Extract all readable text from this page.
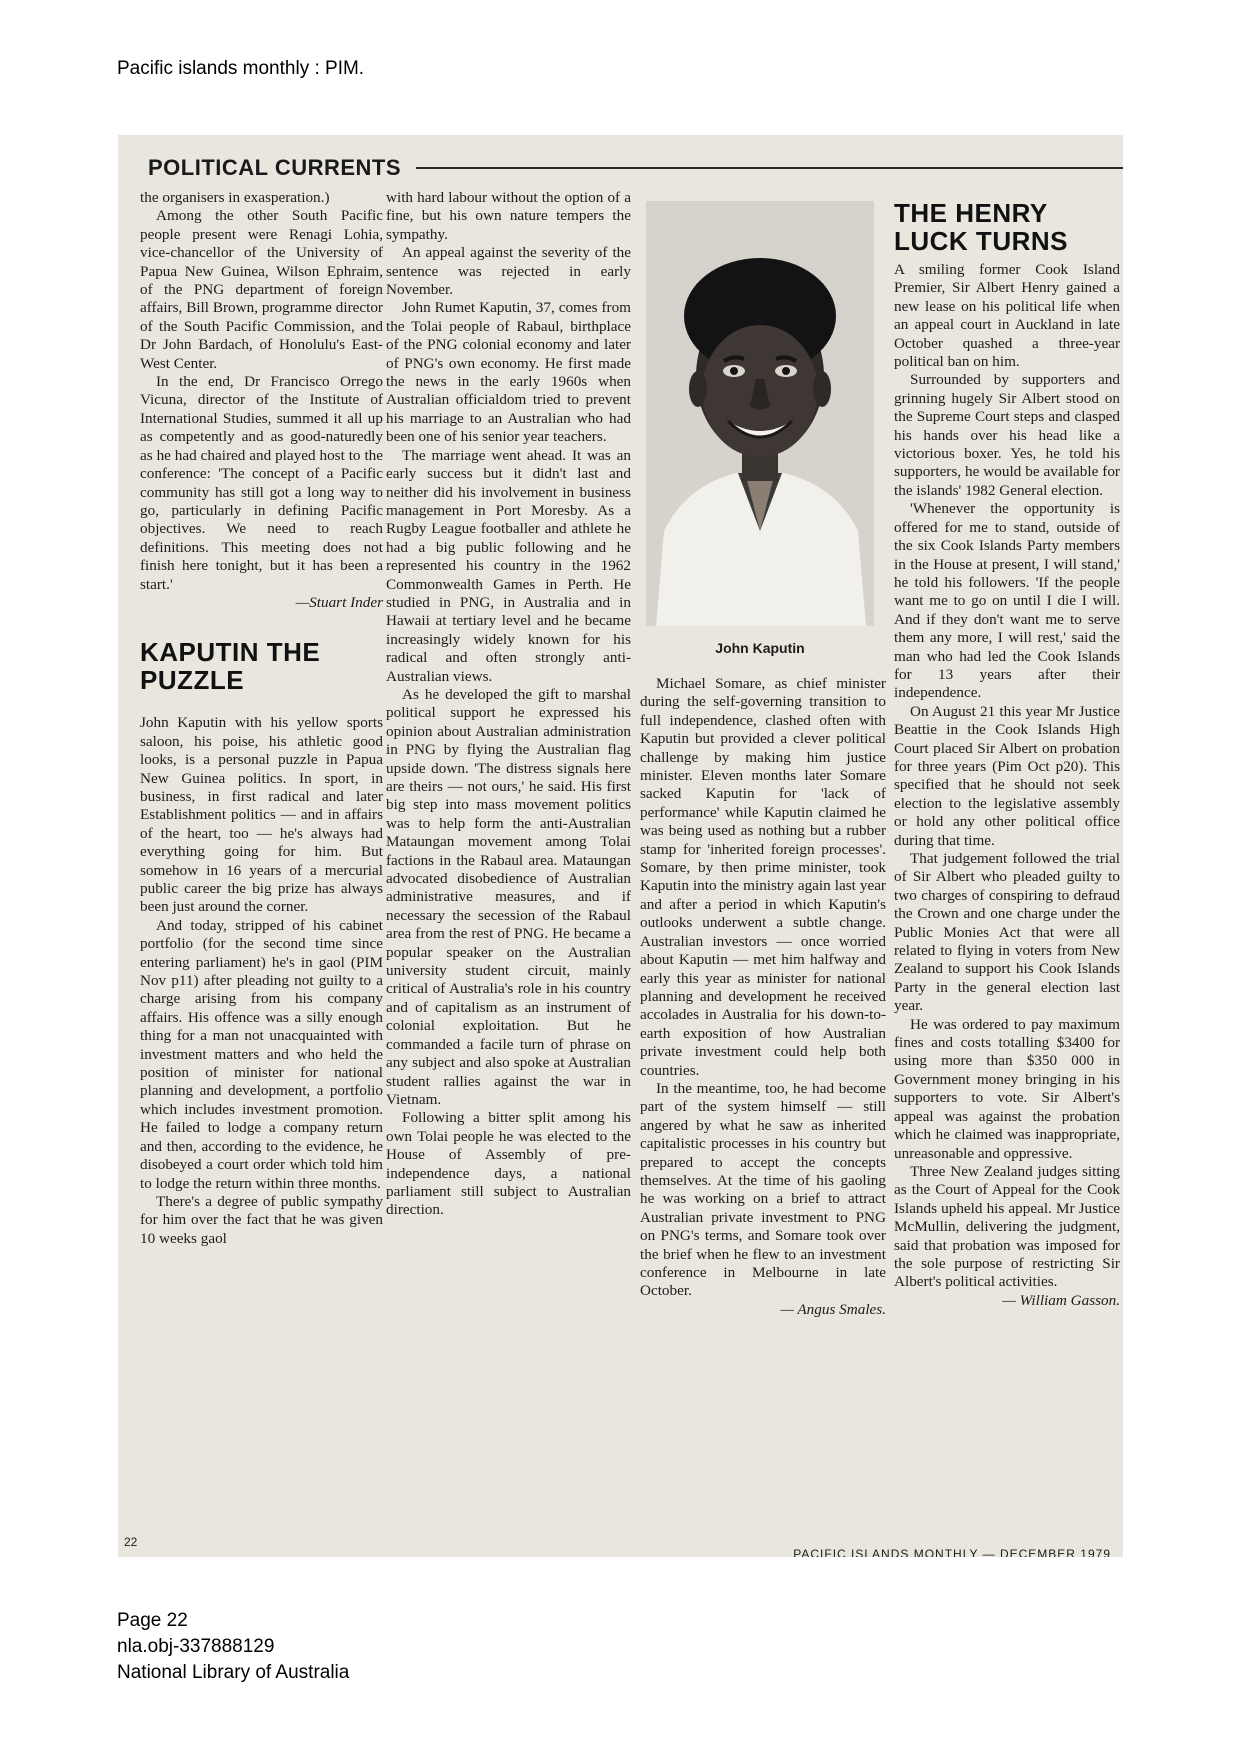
Pacific islands monthly : PIM.
POLITICAL CURRENTS

the organisers in exasperation.)

Among the other South Pacific people present were Renagi Lohia, vice-chancellor of the University of Papua New Guinea, Wilson Ephraim, of the PNG department of foreign affairs, Bill Brown, programme director of the South Pacific Commission, and Dr John Bardach, of Honolulu's East-West Center.

In the end, Dr Francisco Orrego Vicuna, director of the Institute of International Studies, summed it all up as competently and as good-naturedly as he had chaired and played host to the conference: 'The concept of a Pacific community has still got a long way to go, particularly in defining Pacific objectives. We need to reach definitions. This meeting does not finish here tonight, but it has been a start.'

—Stuart Inder

KAPUTIN THE PUZZLE

John Kaputin with his yellow sports saloon, his poise, his athletic good looks, is a personal puzzle in Papua New Guinea politics. In sport, in business, in first radical and later Establishment politics — and in affairs of the heart, too — he's always had everything going for him. But somehow in 16 years of a mercurial public career the big prize has always been just around the corner.

And today, stripped of his cabinet portfolio (for the second time since entering parliament) he's in gaol (PIM Nov p11) after pleading not guilty to a charge arising from his company affairs. His offence was a silly enough thing for a man not unacquainted with investment matters and who held the position of minister for national planning and development, a portfolio which includes investment promotion. He failed to lodge a company return and then, according to the evidence, he disobeyed a court order which told him to lodge the return within three months.

There's a degree of public sympathy for him over the fact that he was given 10 weeks gaol

with hard labour without the option of a fine, but his own nature tempers the sympathy.

An appeal against the severity of the sentence was rejected in early November.

John Rumet Kaputin, 37, comes from the Tolai people of Rabaul, birthplace of the PNG colonial economy and later of PNG's own economy. He first made the news in the early 1960s when Australian officialdom tried to prevent his marriage to an Australian who had been one of his senior year teachers.

The marriage went ahead. It was an early success but it didn't last and neither did his involvement in business management in Port Moresby. As a Rugby League footballer and athlete he had a big public following and he represented his country in the 1962 Commonwealth Games in Perth. He studied in PNG, in Australia and in Hawaii at tertiary level and he became increasingly widely known for his radical and often strongly anti-Australian views.

As he developed the gift to marshal political support he expressed his opinion about Australian administration in PNG by flying the Australian flag upside down. 'The distress signals here are theirs — not ours,' he said. His first big step into mass movement politics was to help form the anti-Australian Mataungan movement among Tolai factions in the Rabaul area. Mataungan advocated disobedience of Australian administrative measures, and if necessary the secession of the Rabaul area from the rest of PNG. He became a popular speaker on the Australian university student circuit, mainly critical of Australia's role in his country and of capitalism as an instrument of colonial exploitation. But he commanded a facile turn of phrase on any subject and also spoke at Australian student rallies against the war in Vietnam.

Following a bitter split among his own Tolai people he was elected to the House of Assembly of pre-independence days, a national parliament still subject to Australian direction.

John Kaputin

Michael Somare, as chief minister during the self-governing transition to full independence, clashed often with Kaputin but provided a clever political challenge by making him justice minister. Eleven months later Somare sacked Kaputin for 'lack of performance' while Kaputin claimed he was being used as nothing but a rubber stamp for 'inherited foreign processes'. Somare, by then prime minister, took Kaputin into the ministry again last year and after a period in which Kaputin's outlooks underwent a subtle change. Australian investors — once worried about Kaputin — met him halfway and early this year as minister for national planning and development he received accolades in Australia for his down-to-earth exposition of how Australian private investment could help both countries.

In the meantime, too, he had become part of the system himself — still angered by what he saw as inherited capitalistic processes in his country but prepared to accept the concepts themselves. At the time of his gaoling he was working on a brief to attract Australian private investment to PNG on PNG's terms, and Somare took over the brief when he flew to an investment conference in Melbourne in late October.

— Angus Smales.

THE HENRY LUCK TURNS

A smiling former Cook Island Premier, Sir Albert Henry gained a new lease on his political life when an appeal court in Auckland in late October quashed a three-year political ban on him.

Surrounded by supporters and grinning hugely Sir Albert stood on the Supreme Court steps and clasped his hands over his head like a victorious boxer. Yes, he told his supporters, he would be available for the islands' 1982 General election.

'Whenever the opportunity is offered for me to stand, outside of the six Cook Islands Party members in the House at present, I will stand,' he told his followers. 'If the people want me to go on until I die I will. And if they don't want me to serve them any more, I will rest,' said the man who had led the Cook Islands for 13 years after their independence.

On August 21 this year Mr Justice Beattie in the Cook Islands High Court placed Sir Albert on probation for three years (Pim Oct p20). This specified that he should not seek election to the legislative assembly or hold any other political office during that time.

That judgement followed the trial of Sir Albert who pleaded guilty to two charges of conspiring to defraud the Crown and one charge under the Public Monies Act that were all related to flying in voters from New Zealand to support his Cook Islands Party in the general election last year.

He was ordered to pay maximum fines and costs totalling $3400 for using more than $350 000 in Government money bringing in his supporters to vote. Sir Albert's appeal was against the probation which he claimed was inappropriate, unreasonable and oppressive.

Three New Zealand judges sitting as the Court of Appeal for the Cook Islands upheld his appeal. Mr Justice McMullin, delivering the judgment, said that probation was imposed for the sole purpose of restricting Sir Albert's political activities.

— William Gasson.

22
PACIFIC ISLANDS MONTHLY — DECEMBER 1979
Page 22
nla.obj-337888129
National Library of Australia
